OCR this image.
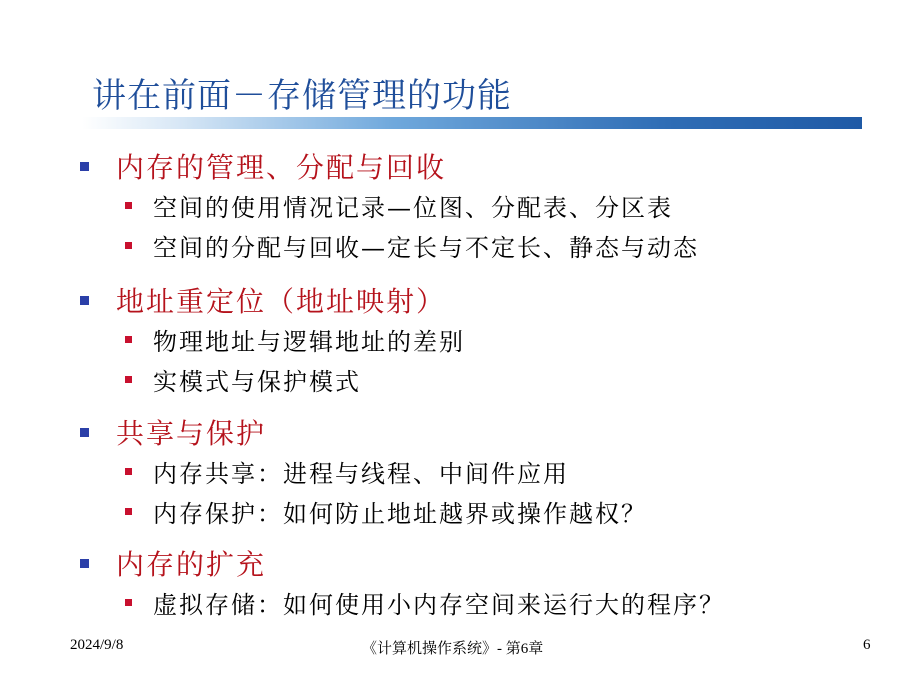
讲在前面－存储管理的功能
内存的管理、分配与回收
空间的使用情况记录—位图、分配表、分区表
空间的分配与回收—定长与不定长、静态与动态
地址重定位（地址映射）
物理地址与逻辑地址的差别
实模式与保护模式
共享与保护
内存共享：进程与线程、中间件应用
内存保护：如何防止地址越界或操作越权？
内存的扩充
虚拟存储：如何使用小内存空间来运行大的程序？
2024/9/8	《计算机操作系统》- 第6章	6
